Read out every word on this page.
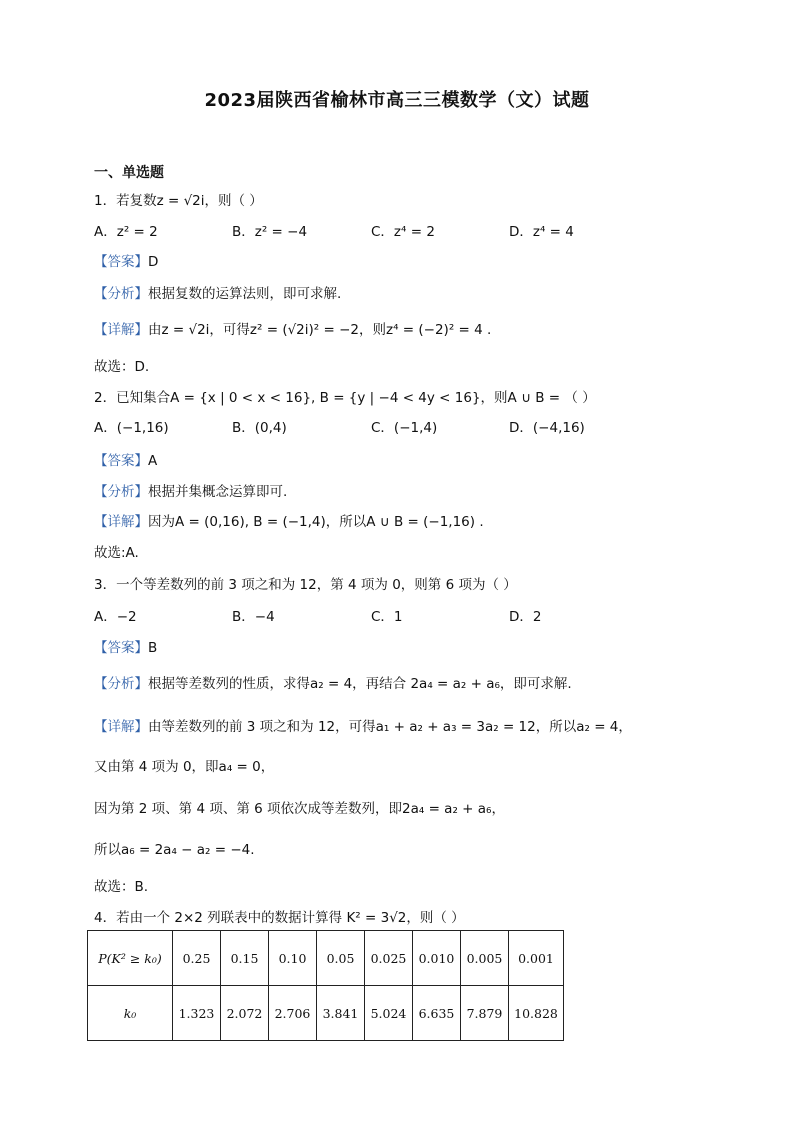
2023届陕西省榆林市高三三模数学（文）试题
一、单选题
1．若复数z = √2i，则（ ）
A．z² = 2	B．z² = −4	C．z⁴ = 2	D．z⁴ = 4
【答案】D
【分析】根据复数的运算法则，即可求解.
【详解】由z = √2i，可得z² = (√2i)² = −2，则z⁴ = (−2)² = 4 .
故选：D.
2．已知集合A = {x | 0 < x < 16}, B = {y | −4 < 4y < 16}，则A ∪ B = （ ）
A．(−1,16)	B．(0,4)	C．(−1,4)	D．(−4,16)
【答案】A
【分析】根据并集概念运算即可.
【详解】因为A = (0,16), B = (−1,4)，所以A ∪ B = (−1,16) .
故选:A.
3．一个等差数列的前 3 项之和为 12，第 4 项为 0，则第 6 项为（ ）
A．−2	B．−4	C．1	D．2
【答案】B
【分析】根据等差数列的性质，求得a₂ = 4，再结合 2a₄ = a₂ + a₆，即可求解.
【详解】由等差数列的前 3 项之和为 12，可得a₁ + a₂ + a₃ = 3a₂ = 12，所以a₂ = 4，
又由第 4 项为 0，即a₄ = 0，
因为第 2 项、第 4 项、第 6 项依次成等差数列，即2a₄ = a₂ + a₆，
所以a₆ = 2a₄ − a₂ = −4.
故选：B.
4．若由一个 2×2 列联表中的数据计算得 K² = 3√2，则（ ）
P(K² ≥ k₀)	0.25	0.15	0.10	0.05	0.025	0.010	0.005	0.001
k₀	1.323	2.072	2.706	3.841	5.024	6.635	7.879	10.828
